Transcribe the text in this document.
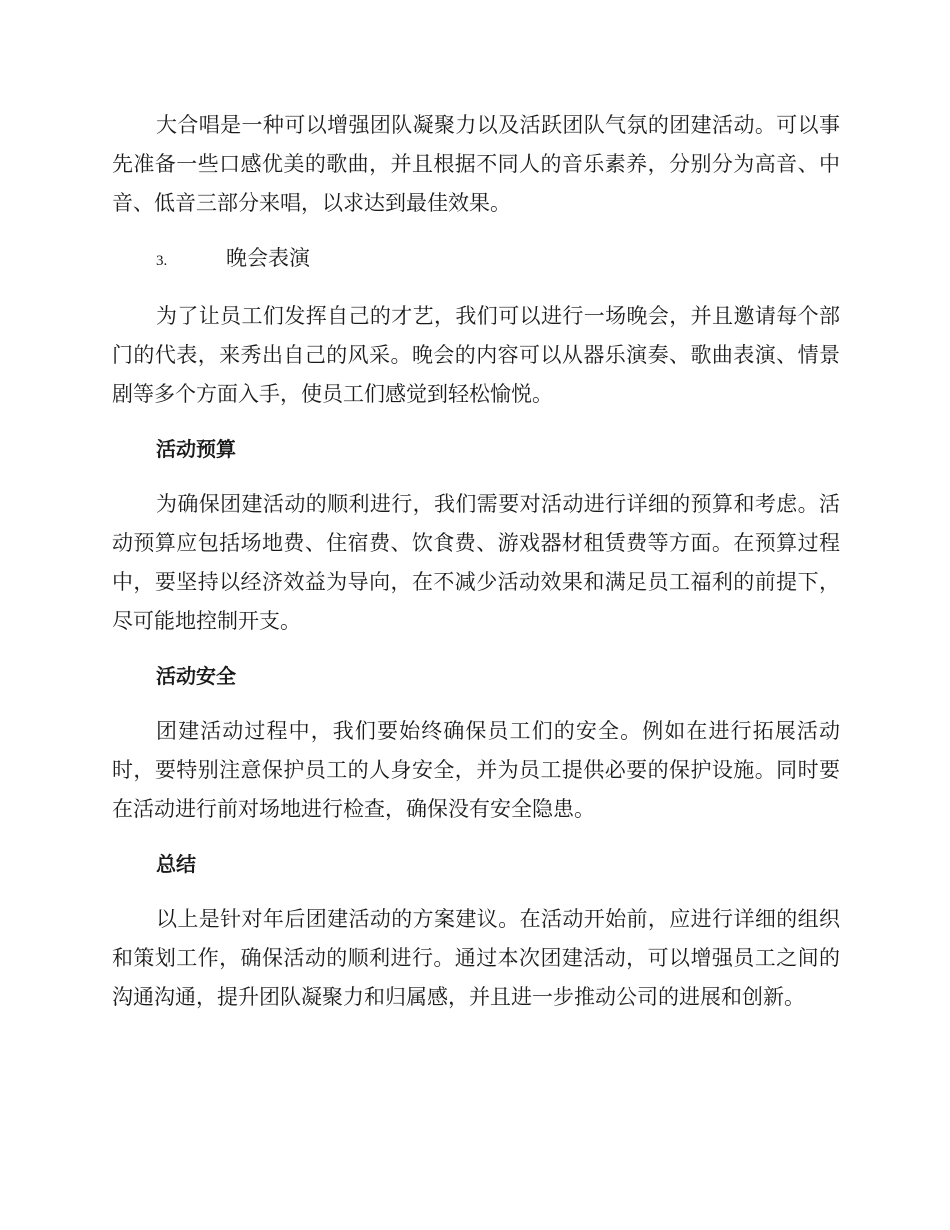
大合唱是一种可以增强团队凝聚力以及活跃团队气氛的团建活动。可以事先准备一些口感优美的歌曲，并且根据不同人的音乐素养，分别分为高音、中音、低音三部分来唱，以求达到最佳效果。

3.	晚会表演

为了让员工们发挥自己的才艺，我们可以进行一场晚会，并且邀请每个部门的代表，来秀出自己的风采。晚会的内容可以从器乐演奏、歌曲表演、情景剧等多个方面入手，使员工们感觉到轻松愉悦。

活动预算

为确保团建活动的顺利进行，我们需要对活动进行详细的预算和考虑。活动预算应包括场地费、住宿费、饮食费、游戏器材租赁费等方面。在预算过程中，要坚持以经济效益为导向，在不减少活动效果和满足员工福利的前提下，尽可能地控制开支。

活动安全

团建活动过程中，我们要始终确保员工们的安全。例如在进行拓展活动时，要特别注意保护员工的人身安全，并为员工提供必要的保护设施。同时要在活动进行前对场地进行检查，确保没有安全隐患。

总结

以上是针对年后团建活动的方案建议。在活动开始前，应进行详细的组织和策划工作，确保活动的顺利进行。通过本次团建活动，可以增强员工之间的沟通沟通，提升团队凝聚力和归属感，并且进一步推动公司的进展和创新。
